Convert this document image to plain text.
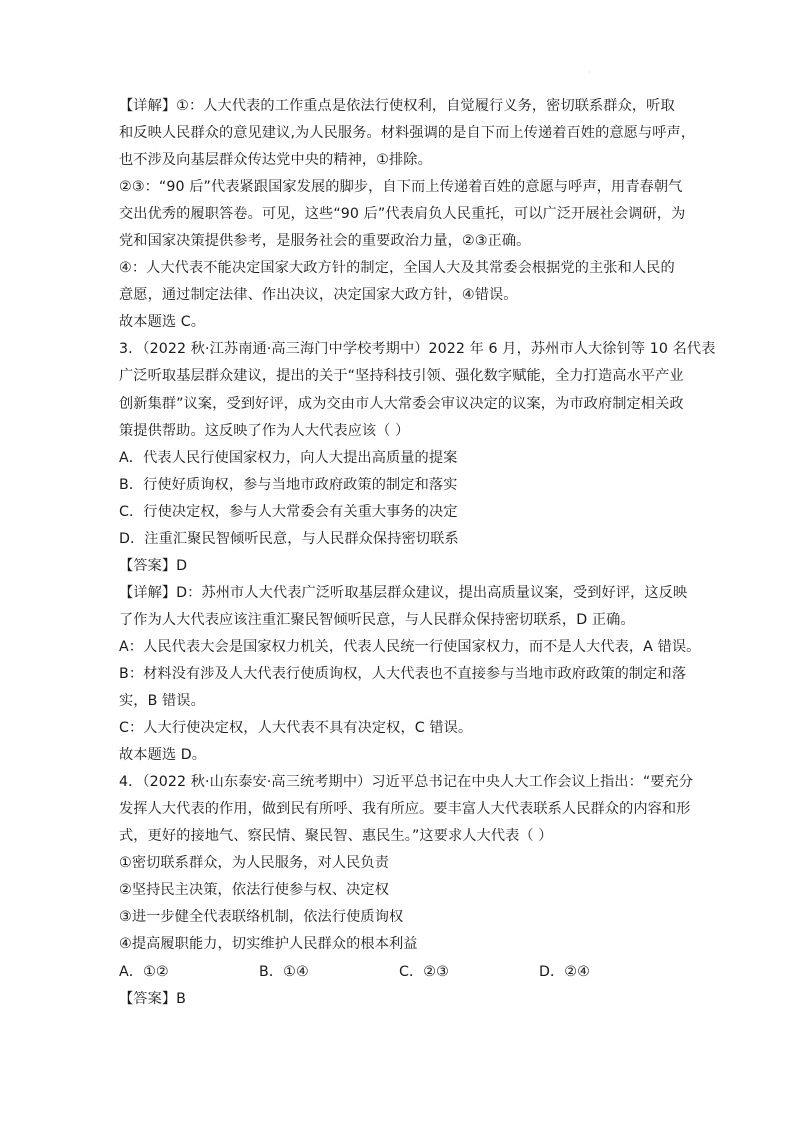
·
【详解】①：人大代表的工作重点是依法行使权利，自觉履行义务，密切联系群众，听取
和反映人民群众的意见建议,为人民服务。材料强调的是自下而上传递着百姓的意愿与呼声，
也不涉及向基层群众传达党中央的精神，①排除。
②③：“90 后”代表紧跟国家发展的脚步，自下而上传递着百姓的意愿与呼声，用青春朝气
交出优秀的履职答卷。可见，这些“90 后”代表肩负人民重托，可以广泛开展社会调研，为
党和国家决策提供参考，是服务社会的重要政治力量，②③正确。
④：人大代表不能决定国家大政方针的制定，全国人大及其常委会根据党的主张和人民的
意愿，通过制定法律、作出决议，决定国家大政方针，④错误。
故本题选 C。
3．（2022 秋·江苏南通·高三海门中学校考期中）2022 年 6 月，苏州市人大徐钊等 10 名代表
广泛听取基层群众建议，提出的关于“坚持科技引领、强化数字赋能，全力打造高水平产业
创新集群”议案，受到好评，成为交由市人大常委会审议决定的议案，为市政府制定相关政
策提供帮助。这反映了作为人大代表应该（ ）
A．代表人民行使国家权力，向人大提出高质量的提案
B．行使好质询权，参与当地市政府政策的制定和落实
C．行使决定权，参与人大常委会有关重大事务的决定
D．注重汇聚民智倾听民意，与人民群众保持密切联系
【答案】D
【详解】D：苏州市人大代表广泛听取基层群众建议，提出高质量议案，受到好评，这反映
了作为人大代表应该注重汇聚民智倾听民意，与人民群众保持密切联系，D 正确。
A：人民代表大会是国家权力机关，代表人民统一行使国家权力，而不是人大代表，A 错误。
B：材料没有涉及人大代表行使质询权，人大代表也不直接参与当地市政府政策的制定和落
实，B 错误。
C：人大行使决定权，人大代表不具有决定权，C 错误。
故本题选 D。
4．（2022 秋·山东泰安·高三统考期中）习近平总书记在中央人大工作会议上指出：“要充分
发挥人大代表的作用，做到民有所呼、我有所应。要丰富人大代表联系人民群众的内容和形
式，更好的接地气、察民情、聚民智、惠民生。”这要求人大代表（ ）
①密切联系群众，为人民服务，对人民负责
②坚持民主决策，依法行使参与权、决定权
③进一步健全代表联络机制，依法行使质询权
④提高履职能力，切实维护人民群众的根本利益
A．①②	B．①④	C．②③	D．②④
【答案】B
